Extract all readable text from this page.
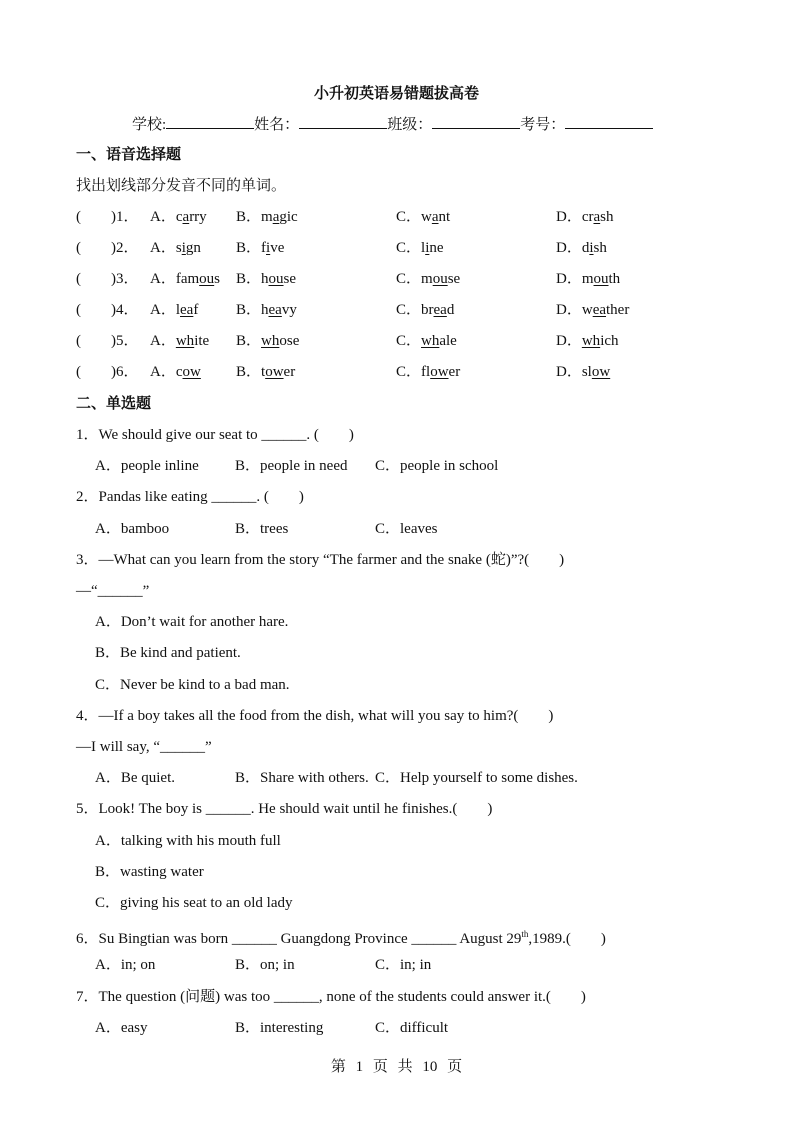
小升初英语易错题拔高卷
学校:	姓名：	班级：	考号：
一、语音选择题
找出划线部分发音不同的单词。
二、单选题
第 1 页 共 10 页
(　　)1． A．carry B．magic	C．want	D．crash
(　　)2． A．sign B．five	C．line	D．dish
(　　)3． A．famous B．house	C．mouse	D．mouth
(　　)4． A．leaf	B．heavy	C．bread	D．weather
(　　)5． A．white B．whose	C．whale	D．which
(　　)6． A．cow B．tower	C．flower	D．slow
1．We should give our seat to ______. (　　)
A．people inline B．people in need C．people in school
2．Pandas like eating ______. (　　)
A．bamboo	B．trees	C．leaves
3．—What can you learn from the story “The farmer and the snake (蛇)”?(　　)
—“______”
A．Don’t wait for another hare.
B．Be kind and patient.
C．Never be kind to a bad man.
4．—If a boy takes all the food from the dish, what will you say to him?(　　)
—I will say, “______”
A．Be quiet.	B．Share with others. C．Help yourself to some dishes.
5．Look! The boy is ______. He should wait until he finishes.(　　)
A．talking with his mouth full
B．wasting water
C．giving his seat to an old lady
6．Su Bingtian was born ______ Guangdong Province ______ August 29th,1989.(　　)
A．in; on	B．on; in	C．in; in
7．The question (问题) was too ______, none of the students could answer it.(　　)
A．easy	B．interesting	C．difficult
